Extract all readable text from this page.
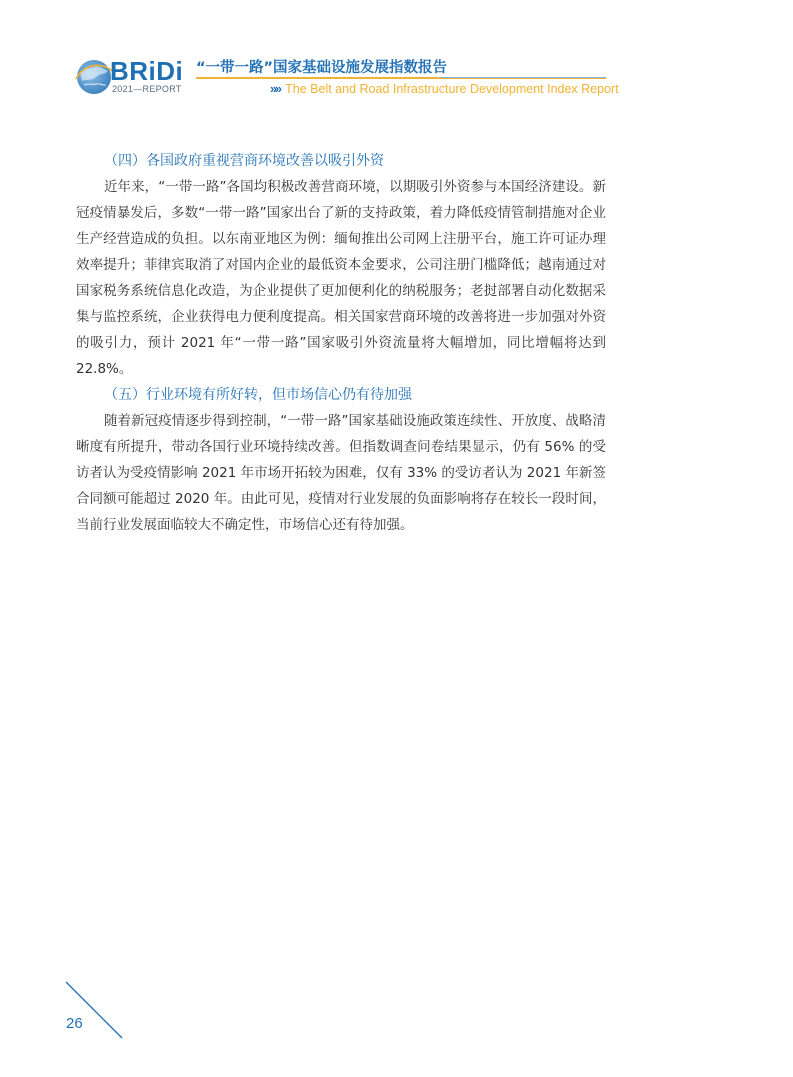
BRiDi
2021—REPORT
“一带一路”国家基础设施发展指数报告
»» The Belt and Road Infrastructure Development Index Report
（四）各国政府重视营商环境改善以吸引外资

近年来，“一带一路”各国均积极改善营商环境，以期吸引外资参与本国经济建设。新冠疫情暴发后，多数“一带一路”国家出台了新的支持政策，着力降低疫情管制措施对企业生产经营造成的负担。以东南亚地区为例：缅甸推出公司网上注册平台，施工许可证办理效率提升；菲律宾取消了对国内企业的最低资本金要求，公司注册门槛降低；越南通过对国家税务系统信息化改造，为企业提供了更加便利化的纳税服务；老挝部署自动化数据采集与监控系统，企业获得电力便利度提高。相关国家营商环境的改善将进一步加强对外资的吸引力，预计 2021 年“一带一路”国家吸引外资流量将大幅增加，同比增幅将达到 22.8%。

（五）行业环境有所好转，但市场信心仍有待加强

随着新冠疫情逐步得到控制，“一带一路”国家基础设施政策连续性、开放度、战略清晰度有所提升，带动各国行业环境持续改善。但指数调查问卷结果显示，仍有 56% 的受访者认为受疫情影响 2021 年市场开拓较为困难，仅有 33% 的受访者认为 2021 年新签合同额可能超过 2020 年。由此可见，疫情对行业发展的负面影响将存在较长一段时间，当前行业发展面临较大不确定性，市场信心还有待加强。

26
